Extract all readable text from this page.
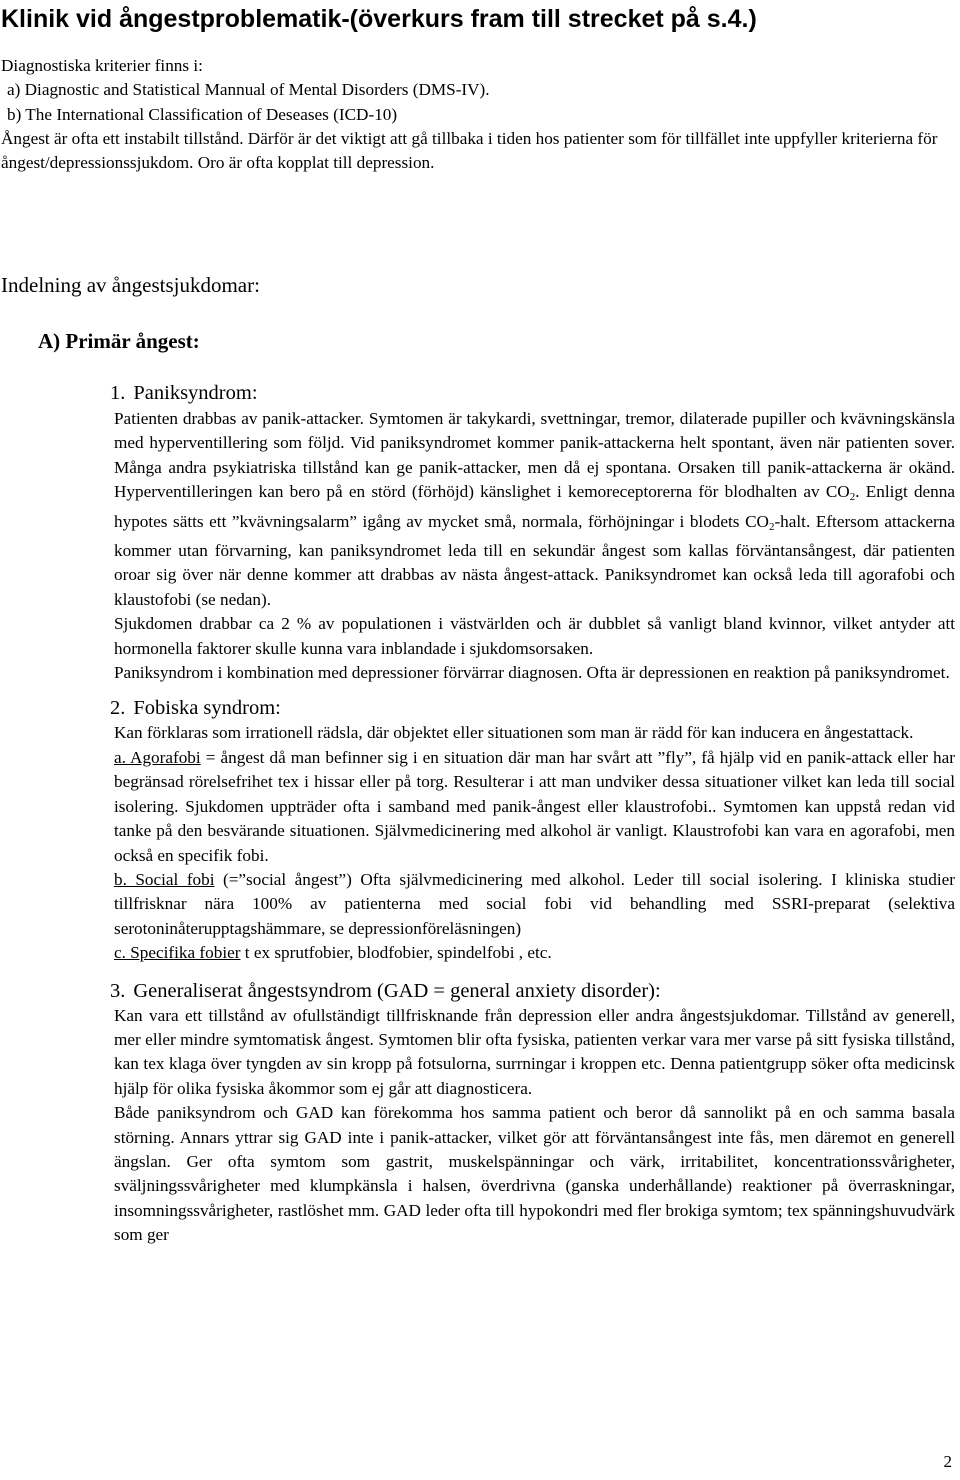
Klinik vid ångestproblematik-(överkurs fram till strecket på s.4.)
Diagnostiska kriterier finns i:
a) Diagnostic and Statistical Mannual of Mental Disorders (DMS-IV).
b) The International Classification of Deseases (ICD-10)
Ångest är ofta ett instabilt tillstånd. Därför är det viktigt att gå tillbaka i tiden hos patienter som för tillfället inte uppfyller kriterierna för ångest/depressionssjukdom. Oro är ofta kopplat till depression.
Indelning av ångestsjukdomar:
A) Primär ångest:
1. Paniksyndrom:

Patienten drabbas av panik-attacker. Symtomen är takykardi, svettningar, tremor, dilaterade pupiller och kvävningskänsla med hyperventillering som följd. Vid paniksyndromet kommer panik-attackerna helt spontant, även när patienten sover. Många andra psykiatriska tillstånd kan ge panik-attacker, men då ej spontana. Orsaken till panik-attackerna är okänd. Hyperventilleringen kan bero på en störd (förhöjd) känslighet i kemoreceptorerna för blodhalten av CO2. Enligt denna hypotes sätts ett ”kvävningsalarm” igång av mycket små, normala, förhöjningar i blodets CO2-halt. Eftersom attackerna kommer utan förvarning, kan paniksyndromet leda till en sekundär ångest som kallas förväntansångest, där patienten oroar sig över när denne kommer att drabbas av nästa ångest-attack. Paniksyndromet kan också leda till agorafobi och klaustofobi (se nedan).

Sjukdomen drabbar ca 2 % av populationen i västvärlden och är dubblet så vanligt bland kvinnor, vilket antyder att hormonella faktorer skulle kunna vara inblandade i sjukdomsorsaken.

Paniksyndrom i kombination med depressioner förvärrar diagnosen. Ofta är depressionen en reaktion på paniksyndromet.

2. Fobiska syndrom:

Kan förklaras som irrationell rädsla, där objektet eller situationen som man är rädd för kan inducera en ångestattack.

a. Agorafobi = ångest då man befinner sig i en situation där man har svårt att ”fly”, få hjälp vid en panik-attack eller har begränsad rörelsefrihet tex i hissar eller på torg. Resulterar i att man undviker dessa situationer vilket kan leda till social isolering. Sjukdomen uppträder ofta i samband med panik-ångest eller klaustrofobi.. Symtomen kan uppstå redan vid tanke på den besvärande situationen. Självmedicinering med alkohol är vanligt. Klaustrofobi kan vara en agorafobi, men också en specifik fobi.

b. Social fobi (=”social ångest”) Ofta självmedicinering med alkohol. Leder till social isolering. I kliniska studier tillfrisknar nära 100% av patienterna med social fobi vid behandling med SSRI-preparat (selektiva serotoninåterupptagshämmare, se depressionföreläsningen)

c. Specifika fobier t ex sprutfobier, blodfobier, spindelfobi , etc.

3. Generaliserat ångestsyndrom (GAD = general anxiety disorder):

Kan vara ett tillstånd av ofullständigt tillfrisknande från depression eller andra ångestsjukdomar. Tillstånd av generell, mer eller mindre symtomatisk ångest. Symtomen blir ofta fysiska, patienten verkar vara mer varse på sitt fysiska tillstånd, kan tex klaga över tyngden av sin kropp på fotsulorna, surrningar i kroppen etc. Denna patientgrupp söker ofta medicinsk hjälp för olika fysiska åkommor som ej går att diagnosticera.

Både paniksyndrom och GAD kan förekomma hos samma patient och beror då sannolikt på en och samma basala störning. Annars yttrar sig GAD inte i panik-attacker, vilket gör att förväntansångest inte fås, men däremot en generell ängslan. Ger ofta symtom som gastrit, muskelspänningar och värk, irritabilitet, koncentrationssvårigheter, sväljningssvårigheter med klumpkänsla i halsen, överdrivna (ganska underhållande) reaktioner på överraskningar, insomningssvårigheter, rastlöshet mm. GAD leder ofta till hypokondri med fler brokiga symtom; tex spänningshuvudvärk som ger

2
